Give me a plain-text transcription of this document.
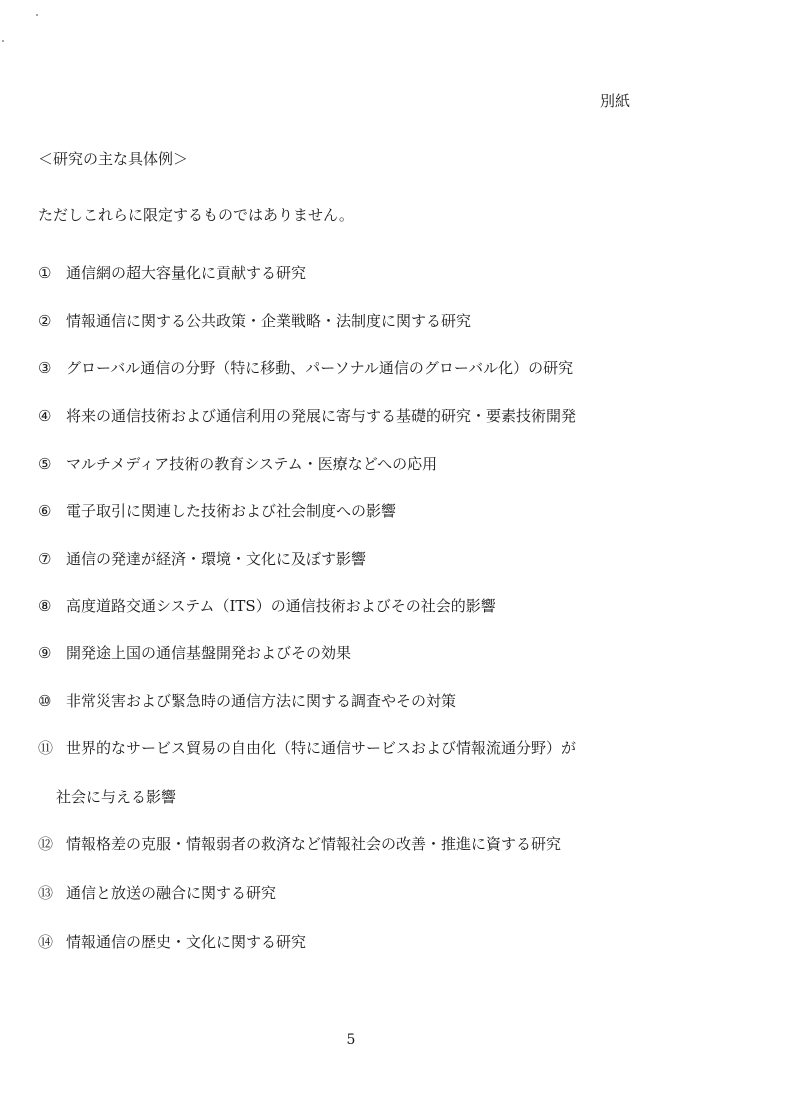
別紙
＜研究の主な具体例＞
ただしこれらに限定するものではありません。
① 通信網の超大容量化に貢献する研究
② 情報通信に関する公共政策・企業戦略・法制度に関する研究
③ グローバル通信の分野（特に移動、パーソナル通信のグローバル化）の研究
④ 将来の通信技術および通信利用の発展に寄与する基礎的研究・要素技術開発
⑤ マルチメディア技術の教育システム・医療などへの応用
⑥ 電子取引に関連した技術および社会制度への影響
⑦ 通信の発達が経済・環境・文化に及ぼす影響
⑧ 高度道路交通システム（ITS）の通信技術およびその社会的影響
⑨ 開発途上国の通信基盤開発およびその効果
⑩ 非常災害および緊急時の通信方法に関する調査やその対策
⑪ 世界的なサービス貿易の自由化（特に通信サービスおよび情報流通分野）が
社会に与える影響
⑫ 情報格差の克服・情報弱者の救済など情報社会の改善・推進に資する研究
⑬ 通信と放送の融合に関する研究
⑭ 情報通信の歴史・文化に関する研究
5
